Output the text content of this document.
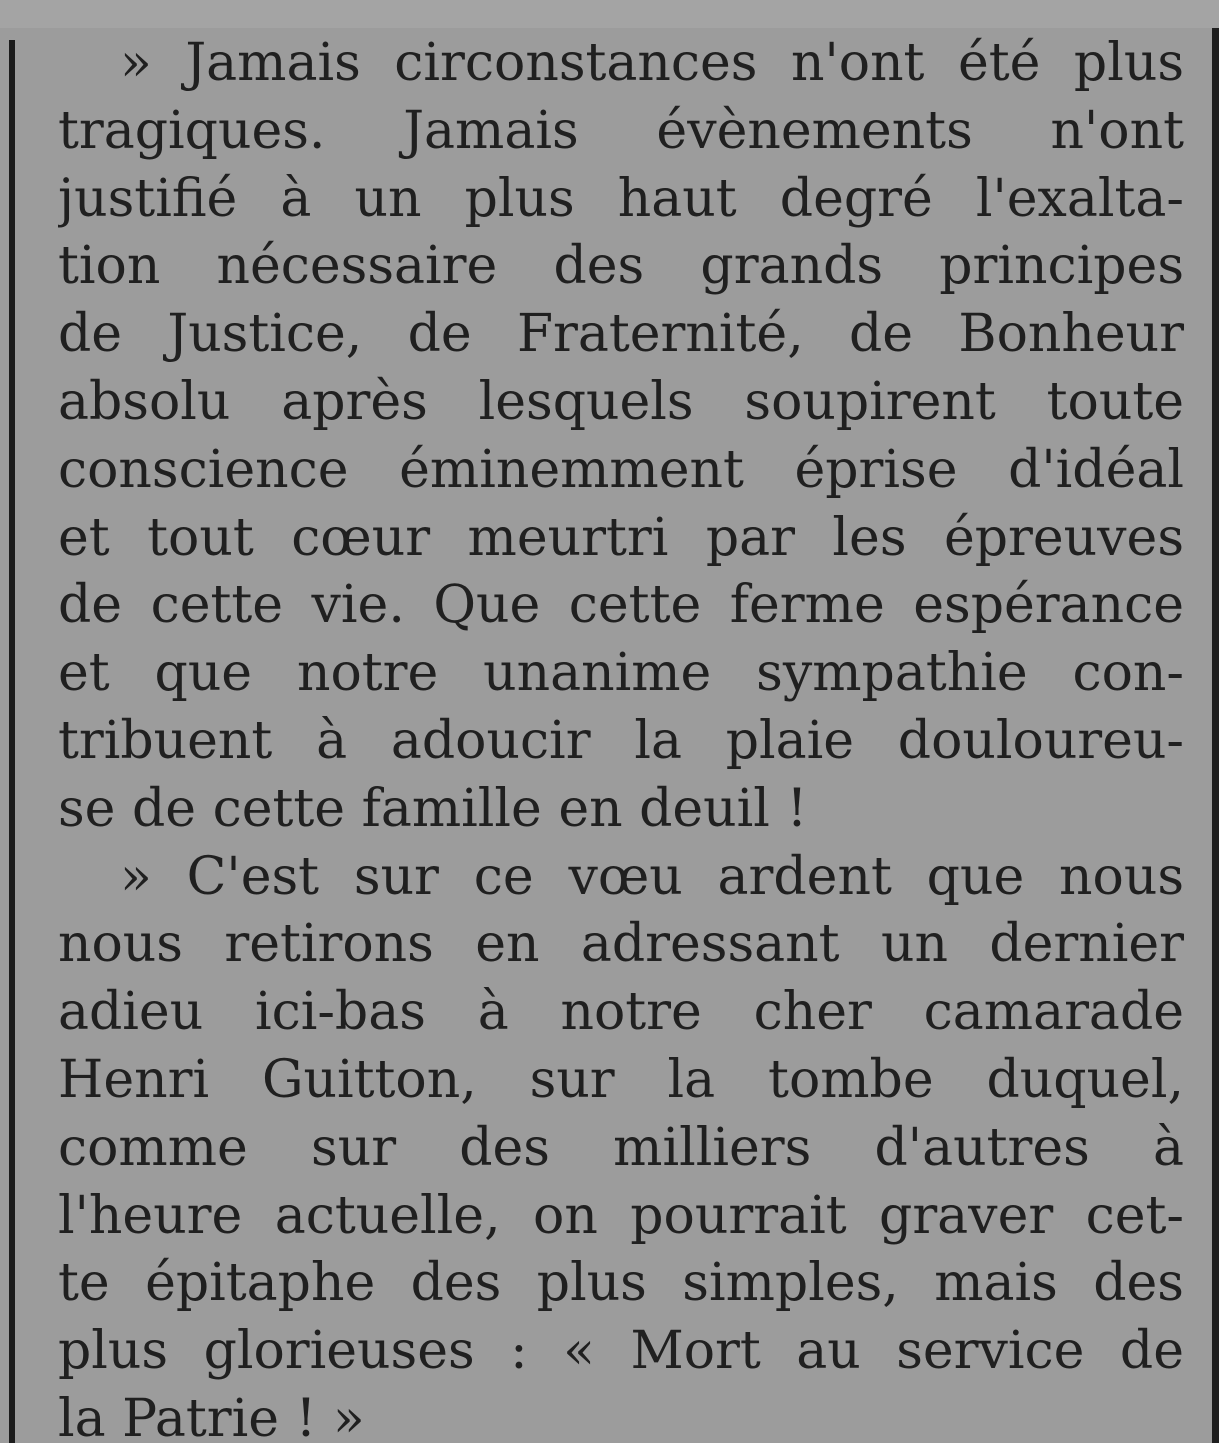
» Jamais circonstances n'ont été plus
tragiques. Jamais évènements n'ont
justifié à un plus haut degré l'exalta-
tion nécessaire des grands principes
de Justice, de Fraternité, de Bonheur
absolu après lesquels soupirent toute
conscience éminemment éprise d'idéal
et tout cœur meurtri par les épreuves
de cette vie. Que cette ferme espérance
et que notre unanime sympathie con-
tribuent à adoucir la plaie douloureu-
se de cette famille en deuil !
» C'est sur ce vœu ardent que nous
nous retirons en adressant un dernier
adieu ici-bas à notre cher camarade
Henri Guitton, sur la tombe duquel,
comme sur des milliers d'autres à
l'heure actuelle, on pourrait graver cet-
te épitaphe des plus simples, mais des
plus glorieuses : « Mort au service de
la Patrie ! »
